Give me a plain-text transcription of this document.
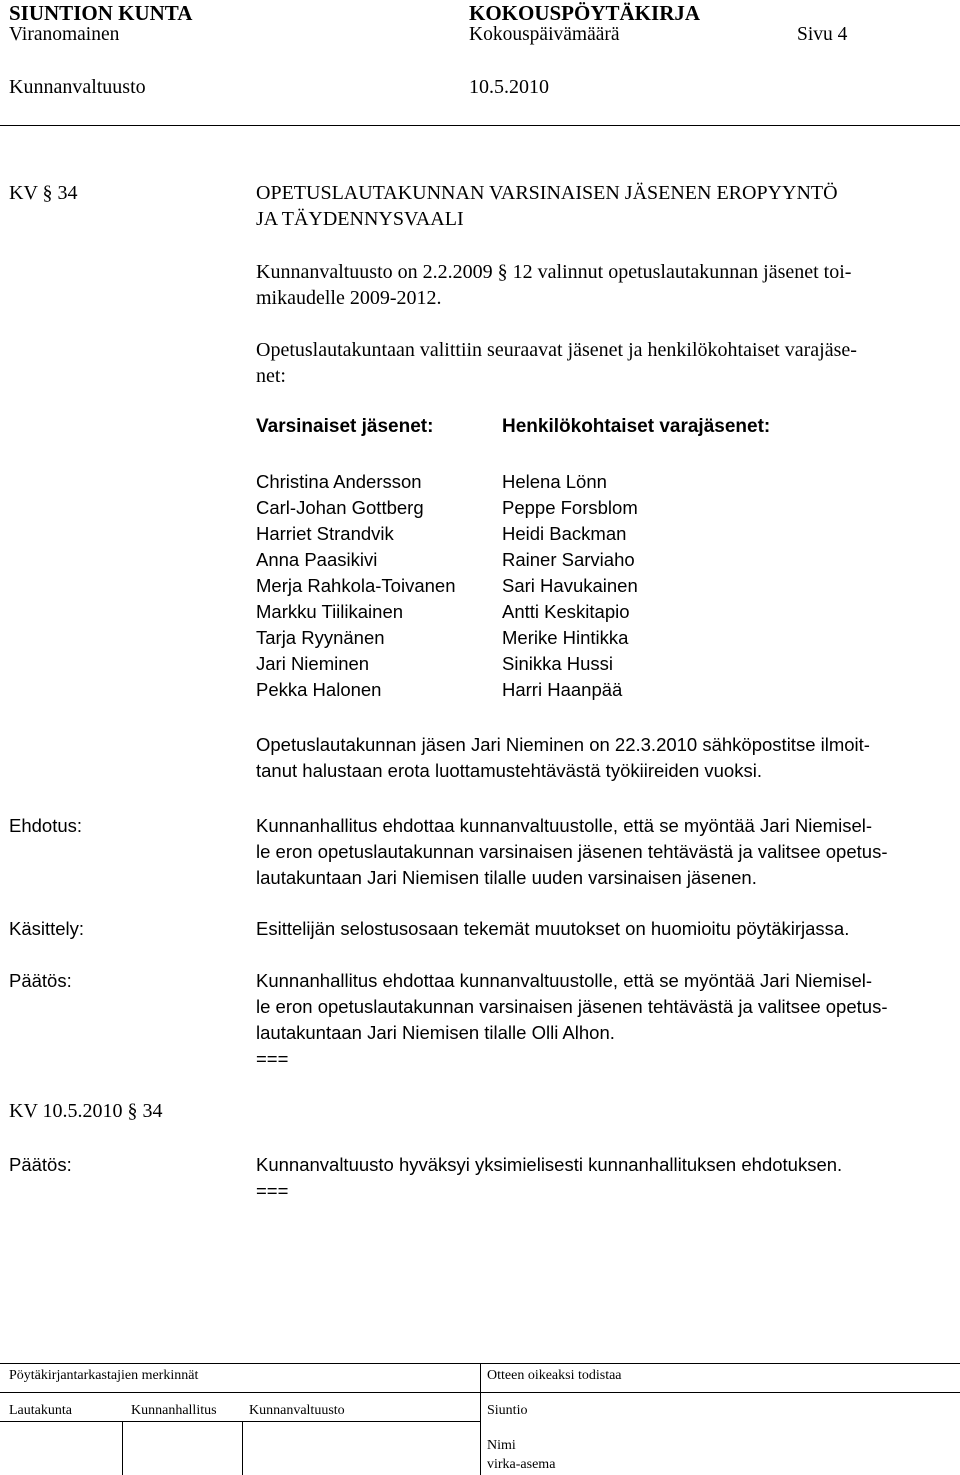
SIUNTION KUNTA	KOKOUSPÖYTÄKIRJA
Viranomainen	Kokouspäivämäärä	Sivu 4
Kunnanvaltuusto	10.5.2010
KV § 34	OPETUSLAUTAKUNNAN VARSINAISEN JÄSENEN EROPYYNTÖ
JA TÄYDENNYSVAALI
Kunnanvaltuusto on 2.2.2009 § 12 valinnut opetuslautakunnan jäsenet toi-
mikaudelle 2009-2012.
Opetuslautakuntaan valittiin seuraavat jäsenet ja henkilökohtaiset varajäse-
net:
Varsinaiset jäsenet:	Henkilökohtaiset varajäsenet:
Christina Andersson	Helena Lönn
Carl-Johan Gottberg	Peppe Forsblom
Harriet Strandvik	Heidi Backman
Anna Paasikivi	Rainer Sarviaho
Merja Rahkola-Toivanen	Sari Havukainen
Markku Tiilikainen	Antti Keskitapio
Tarja Ryynänen	Merike Hintikka
Jari Nieminen	Sinikka Hussi
Pekka Halonen	Harri Haanpää
Opetuslautakunnan jäsen Jari Nieminen on 22.3.2010 sähköpostitse ilmoit-
tanut halustaan erota luottamustehtävästä työkiireiden vuoksi.
Ehdotus:	Kunnanhallitus ehdottaa kunnanvaltuustolle, että se myöntää Jari Niemisel-
le eron opetuslautakunnan varsinaisen jäsenen tehtävästä ja valitsee opetus-
lautakuntaan Jari Niemisen tilalle uuden varsinaisen jäsenen.
Käsittely:	Esittelijän selostusosaan tekemät muutokset on huomioitu pöytäkirjassa.
Päätös:	Kunnanhallitus ehdottaa kunnanvaltuustolle, että se myöntää Jari Niemisel-
le eron opetuslautakunnan varsinaisen jäsenen tehtävästä ja valitsee opetus-
lautakuntaan Jari Niemisen tilalle Olli Alhon.
===
KV 10.5.2010 § 34
Päätös:	Kunnanvaltuusto hyväksyi yksimielisesti kunnanhallituksen ehdotuksen.
===
Pöytäkirjantarkastajien merkinnät	Otteen oikeaksi todistaa
Lautakunta	Kunnanhallitus Kunnanvaltuusto	Siuntio
Nimi
virka-asema
